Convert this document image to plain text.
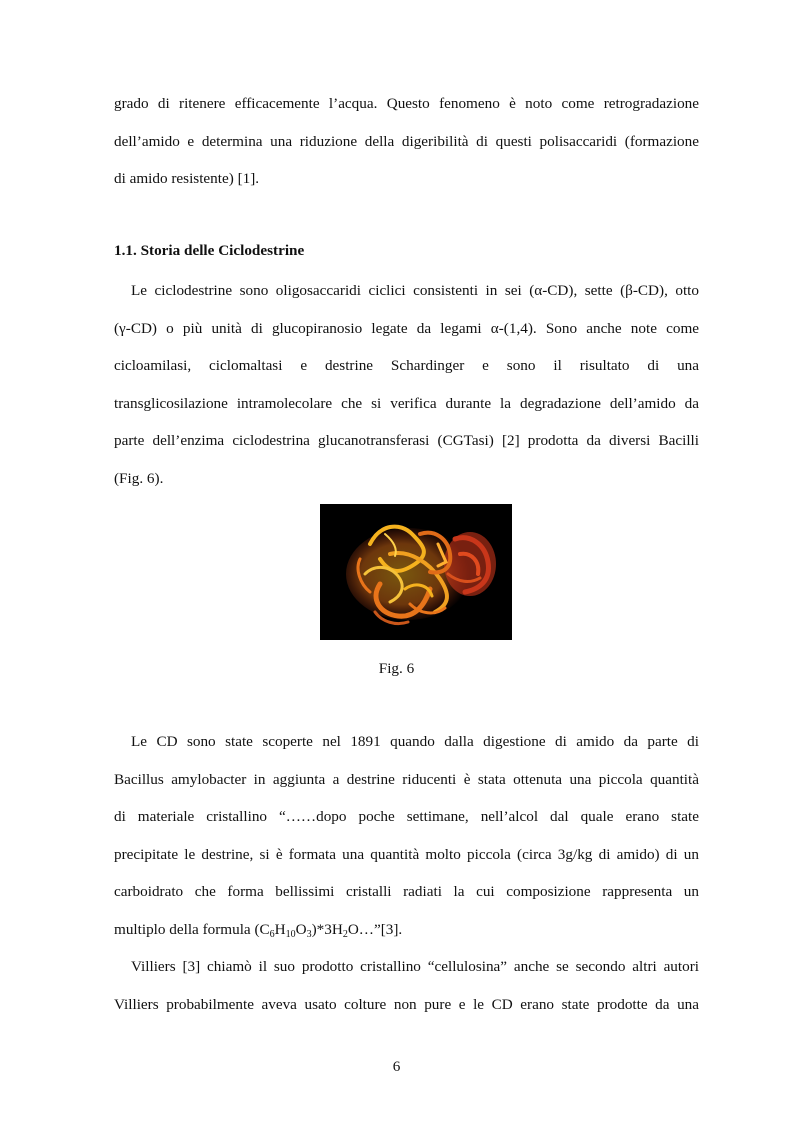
grado di ritenere efficacemente l’acqua. Questo fenomeno è noto come retrogradazione
dell’amido e determina una riduzione della digeribilità di questi polisaccaridi (formazione
di amido resistente) [1].
1.1. Storia delle Ciclodestrine
Le ciclodestrine sono oligosaccaridi ciclici consistenti in sei (α-CD), sette (β-CD), otto
(γ-CD) o più unità di glucopiranosio legate da legami α-(1,4). Sono anche note come
cicloamilasi, ciclomaltasi e destrine Schardinger e sono il risultato di una
transglicosilazione intramolecolare che si verifica durante la degradazione dell’amido da
parte dell’enzima ciclodestrina glucanotransferasi (CGTasi) [2] prodotta da diversi Bacilli
(Fig. 6).
Fig. 6
Le CD sono state scoperte nel 1891 quando dalla digestione di amido da parte di
Bacillus amylobacter in aggiunta a destrine riducenti è stata ottenuta una piccola quantità
di materiale cristallino “……dopo poche settimane, nell’alcol dal quale erano state
precipitate le destrine, si è formata una quantità molto piccola (circa 3g/kg di amido) di un
carboidrato che forma bellissimi cristalli radiati la cui composizione rappresenta un
multiplo della formula $(C_6H_{10}O_3)*3H_2O\dots”[3]$.
Villiers [3] chiamò il suo prodotto cristallino “cellulosina” anche se secondo altri autori
Villiers probabilmente aveva usato colture non pure e le CD erano state prodotte da una
6
